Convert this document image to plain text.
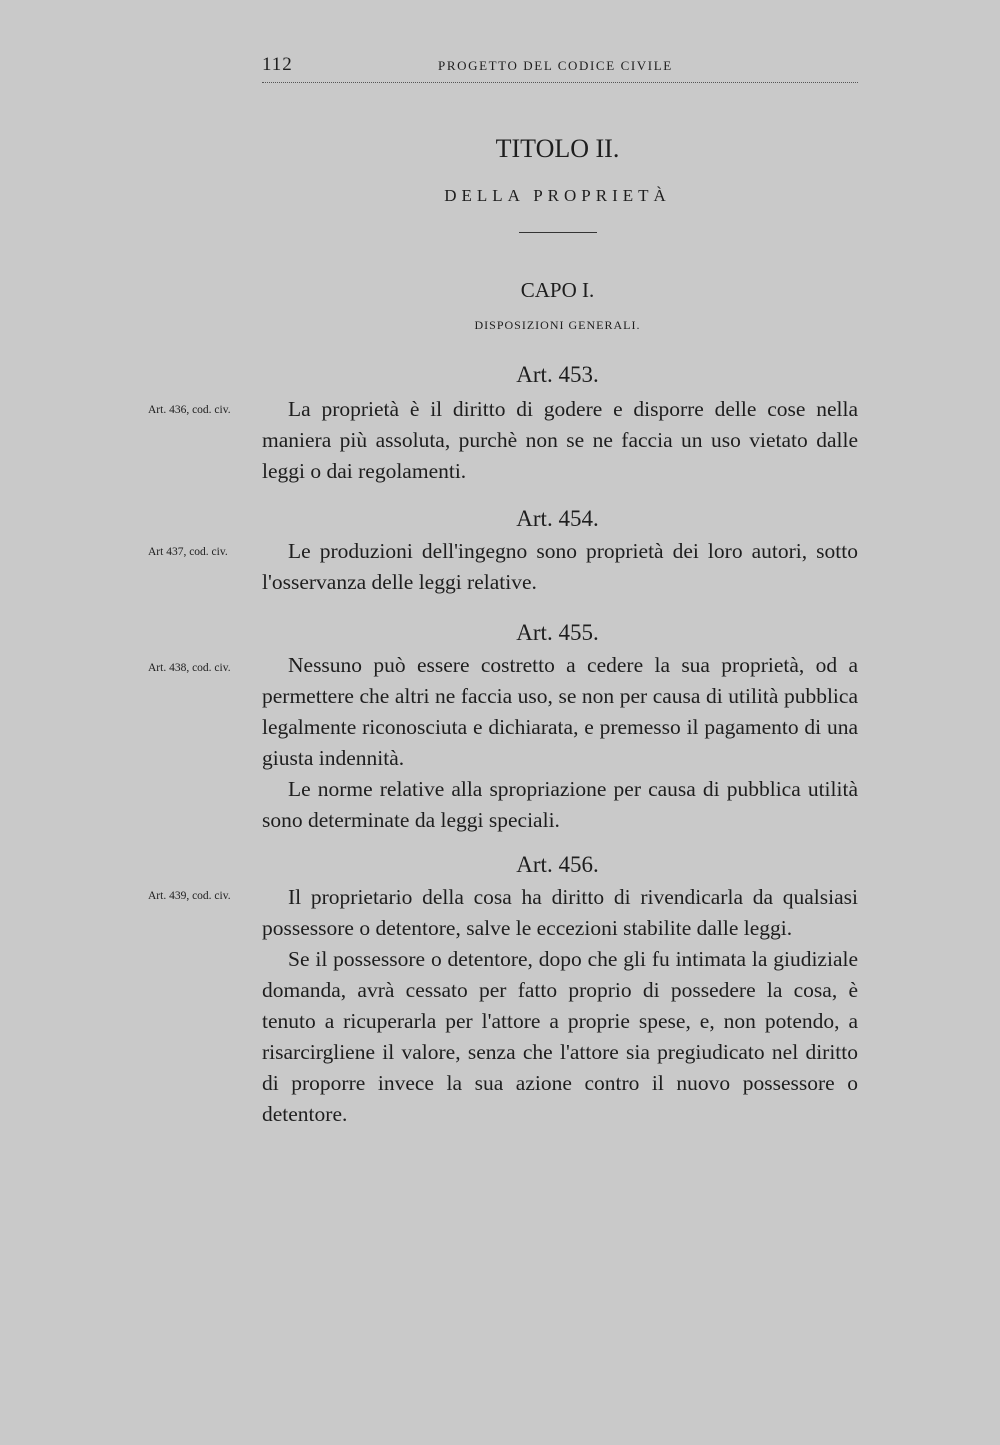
112	PROGETTO DEL CODICE CIVILE
TITOLO II.
DELLA PROPRIETÀ
CAPO I.
DISPOSIZIONI GENERALI.
Art. 453.
Art. 436, cod. civ.	La proprietà è il diritto di godere e disporre delle cose nella maniera più assoluta, purchè non se ne faccia un uso vietato dalle leggi o dai regolamenti.

Art. 454.
Art 437, cod. civ.	Le produzioni dell'ingegno sono proprietà dei loro autori, sotto l'osservanza delle leggi relative.

Art. 455.
Art. 438, cod. civ.	Nessuno può essere costretto a cedere la sua proprietà, od a permettere che altri ne faccia uso, se non per causa di utilità pubblica legalmente riconosciuta e dichiarata, e premesso il pagamento di una giusta indennità.

Le norme relative alla spropriazione per causa di pubblica utilità sono determinate da leggi speciali.

Art. 456.
Art. 439, cod. civ.	Il proprietario della cosa ha diritto di rivendicarla da qualsiasi possessore o detentore, salve le eccezioni stabilite dalle leggi.

Se il possessore o detentore, dopo che gli fu intimata la giudiziale domanda, avrà cessato per fatto proprio di possedere la cosa, è tenuto a ricuperarla per l'attore a proprie spese, e, non potendo, a risarcirgliene il valore, senza che l'attore sia pregiudicato nel diritto di proporre invece la sua azione contro il nuovo possessore o detentore.
